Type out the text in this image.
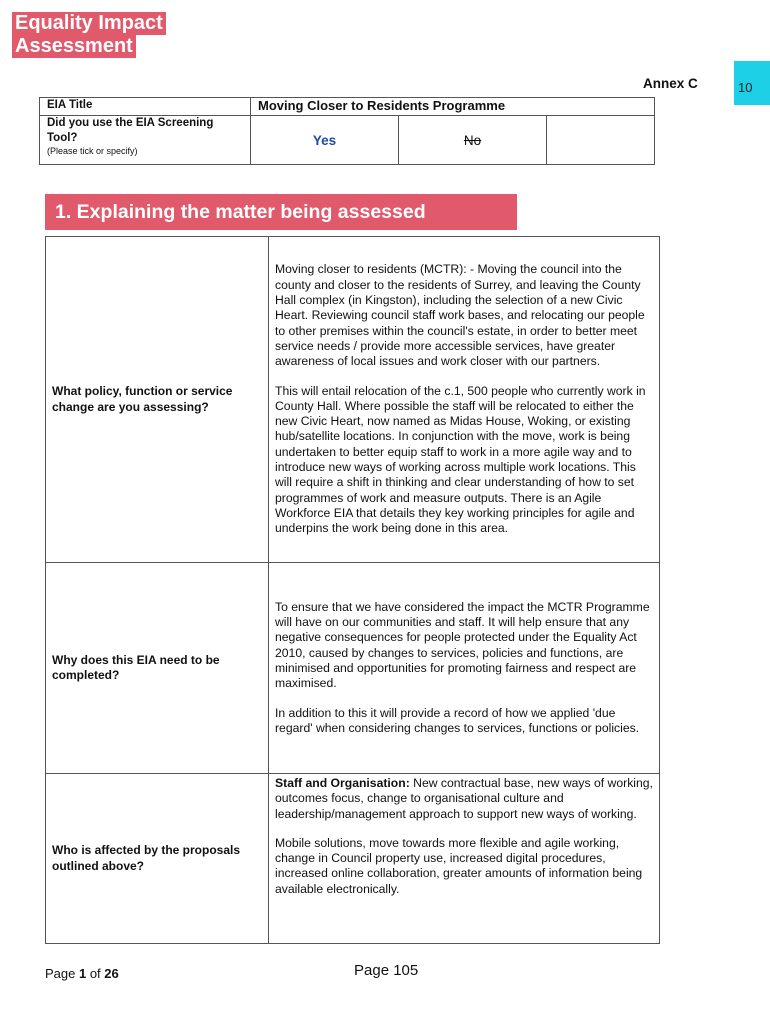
Equality Impact
Assessment
Annex C	10
EIA Title	Moving Closer to Residents Programme		

Did you use the EIA Screening Tool?
(Please tick or specify)	Yes	No	
1. Explaining the matter being assessed
What policy, function or service change are you assessing?	Moving closer to residents (MCTR): - Moving the council into the county and closer to the residents of Surrey, and leaving the County Hall complex (in Kingston), including the selection of a new Civic Heart. Reviewing council staff work bases, and relocating our people to other premises within the council's estate, in order to better meet service needs / provide more accessible services, have greater awareness of local issues and work closer with our partners.

This will entail relocation of the c.1, 500 people who currently work in County Hall. Where possible the staff will be relocated to either the new Civic Heart, now named as Midas House, Woking, or existing hub/satellite locations. In conjunction with the move, work is being undertaken to better equip staff to work in a more agile way and to introduce new ways of working across multiple work locations. This will require a shift in thinking and clear understanding of how to set programmes of work and measure outputs. There is an Agile Workforce EIA that details they key working principles for agile and underpins the work being done in this area.

Why does this EIA need to be completed?	To ensure that we have considered the impact the MCTR Programme will have on our communities and staff. It will help ensure that any negative consequences for people protected under the Equality Act 2010, caused by changes to services, policies and functions, are minimised and opportunities for promoting fairness and respect are maximised.

In addition to this it will provide a record of how we applied 'due regard' when considering changes to services, functions or policies.

Who is affected by the proposals outlined above?	Staff and Organisation: New contractual base, new ways of working, outcomes focus, change to organisational culture and leadership/management approach to support new ways of working.

Mobile solutions, move towards more flexible and agile working, change in Council property use, increased digital procedures, increased online collaboration, greater amounts of information being available electronically.

Page 1 of 26	Page 105
